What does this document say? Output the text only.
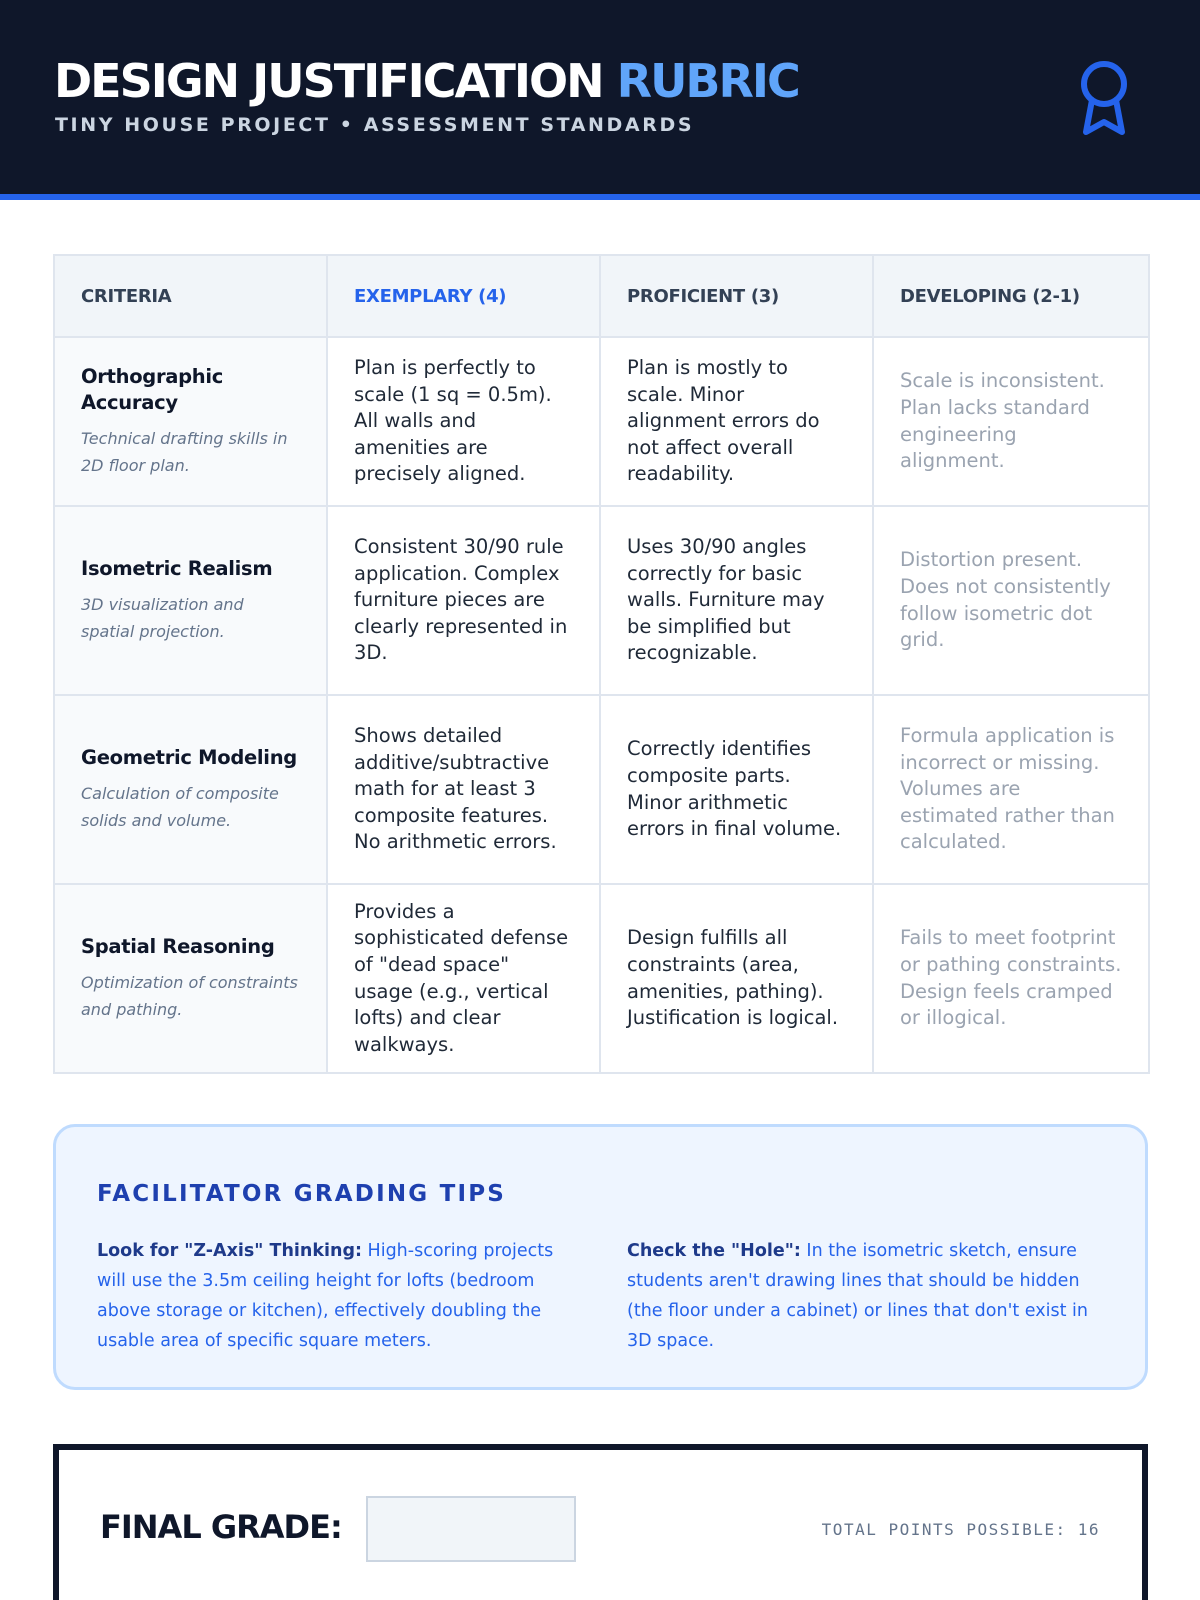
DESIGN JUSTIFICATION RUBRIC
TINY HOUSE PROJECT • ASSESSMENT STANDARDS
CRITERIA	EXEMPLARY (4)	PROFICIENT (3)	DEVELOPING (2-1)

Orthographic Accuracy
Technical drafting skills in 2D floor plan.	Plan is perfectly to scale (1 sq = 0.5m). All walls and amenities are precisely aligned.	Plan is mostly to scale. Minor alignment errors do not affect overall readability.	Scale is inconsistent. Plan lacks standard engineering alignment.

Isometric Realism
3D visualization and spatial projection.	Consistent 30/90 rule application. Complex furniture pieces are clearly represented in 3D.	Uses 30/90 angles correctly for basic walls. Furniture may be simplified but recognizable.	Distortion present. Does not consistently follow isometric dot grid.

Geometric Modeling
Calculation of composite solids and volume.	Shows detailed additive/subtractive math for at least 3 composite features. No arithmetic errors.	Correctly identifies composite parts. Minor arithmetic errors in final volume.	Formula application is incorrect or missing. Volumes are estimated rather than calculated.

Spatial Reasoning
Optimization of constraints and pathing.	Provides a sophisticated defense of "dead space" usage (e.g., vertical lofts) and clear walkways.	Design fulfills all constraints (area, amenities, pathing). Justification is logical.	Fails to meet footprint or pathing constraints. Design feels cramped or illogical.
FACILITATOR GRADING TIPS

Look for "Z-Axis" Thinking: High-scoring projects will use the 3.5m ceiling height for lofts (bedroom above storage or kitchen), effectively doubling the usable area of specific square meters.

Check the "Hole": In the isometric sketch, ensure students aren't drawing lines that should be hidden (the floor under a cabinet) or lines that don't exist in 3D space.

FINAL GRADE:	TOTAL POINTS POSSIBLE: 16
